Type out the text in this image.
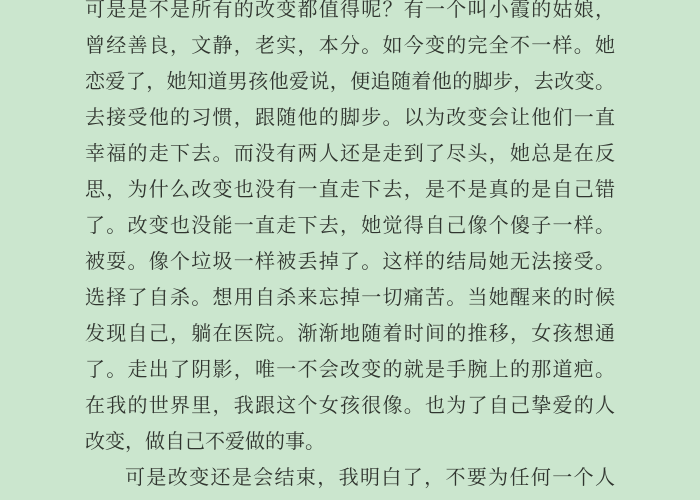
可是是不是所有的改变都值得呢？有一个叫小霞的姑娘，
曾经善良，文静，老实，本分。如今变的完全不一样。她
恋爱了，她知道男孩他爱说，便追随着他的脚步，去改变。
去接受他的习惯，跟随他的脚步。以为改变会让他们一直
幸福的走下去。而没有两人还是走到了尽头，她总是在反
思，为什么改变也没有一直走下去，是不是真的是自己错
了。改变也没能一直走下去，她觉得自己像个傻子一样。
被耍。像个垃圾一样被丢掉了。这样的结局她无法接受。
选择了自杀。想用自杀来忘掉一切痛苦。当她醒来的时候
发现自己，躺在医院。渐渐地随着时间的推移，女孩想通
了。走出了阴影，唯一不会改变的就是手腕上的那道疤。
在我的世界里，我跟这个女孩很像。也为了自己挚爱的人
改变，做自己不爱做的事。
可是改变还是会结束，我明白了，不要为任何一个人
